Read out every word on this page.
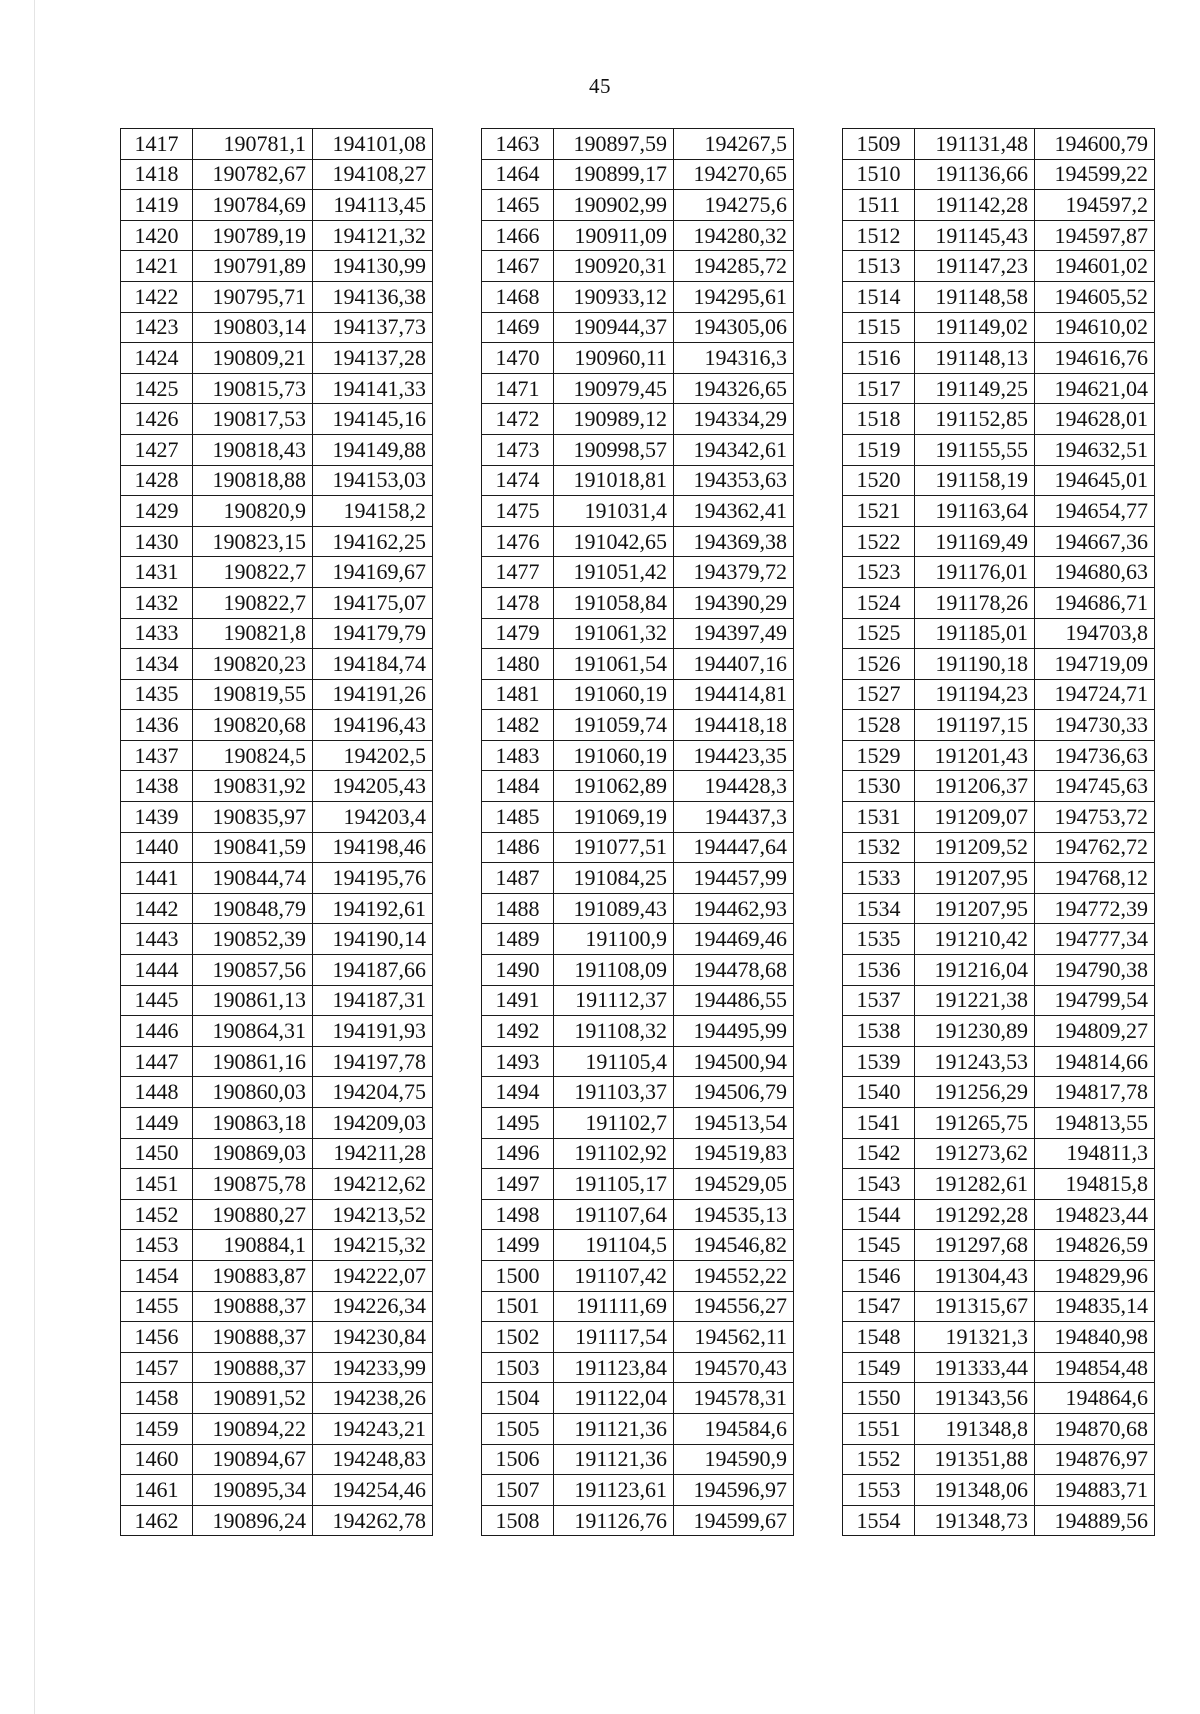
45
1417	190781,1	194101,08
1418	190782,67	194108,27
1419	190784,69	194113,45
1420	190789,19	194121,32
1421	190791,89	194130,99
1422	190795,71	194136,38
1423	190803,14	194137,73
1424	190809,21	194137,28
1425	190815,73	194141,33
1426	190817,53	194145,16
1427	190818,43	194149,88
1428	190818,88	194153,03
1429	190820,9	194158,2
1430	190823,15	194162,25
1431	190822,7	194169,67
1432	190822,7	194175,07
1433	190821,8	194179,79
1434	190820,23	194184,74
1435	190819,55	194191,26
1436	190820,68	194196,43
1437	190824,5	194202,5
1438	190831,92	194205,43
1439	190835,97	194203,4
1440	190841,59	194198,46
1441	190844,74	194195,76
1442	190848,79	194192,61
1443	190852,39	194190,14
1444	190857,56	194187,66
1445	190861,13	194187,31
1446	190864,31	194191,93
1447	190861,16	194197,78
1448	190860,03	194204,75
1449	190863,18	194209,03
1450	190869,03	194211,28
1451	190875,78	194212,62
1452	190880,27	194213,52
1453	190884,1	194215,32
1454	190883,87	194222,07
1455	190888,37	194226,34
1456	190888,37	194230,84
1457	190888,37	194233,99
1458	190891,52	194238,26
1459	190894,22	194243,21
1460	190894,67	194248,83
1461	190895,34	194254,46
1462	190896,24	194262,78
1463	190897,59	194267,5
1464	190899,17	194270,65
1465	190902,99	194275,6
1466	190911,09	194280,32
1467	190920,31	194285,72
1468	190933,12	194295,61
1469	190944,37	194305,06
1470	190960,11	194316,3
1471	190979,45	194326,65
1472	190989,12	194334,29
1473	190998,57	194342,61
1474	191018,81	194353,63
1475	191031,4	194362,41
1476	191042,65	194369,38
1477	191051,42	194379,72
1478	191058,84	194390,29
1479	191061,32	194397,49
1480	191061,54	194407,16
1481	191060,19	194414,81
1482	191059,74	194418,18
1483	191060,19	194423,35
1484	191062,89	194428,3
1485	191069,19	194437,3
1486	191077,51	194447,64
1487	191084,25	194457,99
1488	191089,43	194462,93
1489	191100,9	194469,46
1490	191108,09	194478,68
1491	191112,37	194486,55
1492	191108,32	194495,99
1493	191105,4	194500,94
1494	191103,37	194506,79
1495	191102,7	194513,54
1496	191102,92	194519,83
1497	191105,17	194529,05
1498	191107,64	194535,13
1499	191104,5	194546,82
1500	191107,42	194552,22
1501	191111,69	194556,27
1502	191117,54	194562,11
1503	191123,84	194570,43
1504	191122,04	194578,31
1505	191121,36	194584,6
1506	191121,36	194590,9
1507	191123,61	194596,97
1508	191126,76	194599,67
1509	191131,48	194600,79
1510	191136,66	194599,22
1511	191142,28	194597,2
1512	191145,43	194597,87
1513	191147,23	194601,02
1514	191148,58	194605,52
1515	191149,02	194610,02
1516	191148,13	194616,76
1517	191149,25	194621,04
1518	191152,85	194628,01
1519	191155,55	194632,51
1520	191158,19	194645,01
1521	191163,64	194654,77
1522	191169,49	194667,36
1523	191176,01	194680,63
1524	191178,26	194686,71
1525	191185,01	194703,8
1526	191190,18	194719,09
1527	191194,23	194724,71
1528	191197,15	194730,33
1529	191201,43	194736,63
1530	191206,37	194745,63
1531	191209,07	194753,72
1532	191209,52	194762,72
1533	191207,95	194768,12
1534	191207,95	194772,39
1535	191210,42	194777,34
1536	191216,04	194790,38
1537	191221,38	194799,54
1538	191230,89	194809,27
1539	191243,53	194814,66
1540	191256,29	194817,78
1541	191265,75	194813,55
1542	191273,62	194811,3
1543	191282,61	194815,8
1544	191292,28	194823,44
1545	191297,68	194826,59
1546	191304,43	194829,96
1547	191315,67	194835,14
1548	191321,3	194840,98
1549	191333,44	194854,48
1550	191343,56	194864,6
1551	191348,8	194870,68
1552	191351,88	194876,97
1553	191348,06	194883,71
1554	191348,73	194889,56
